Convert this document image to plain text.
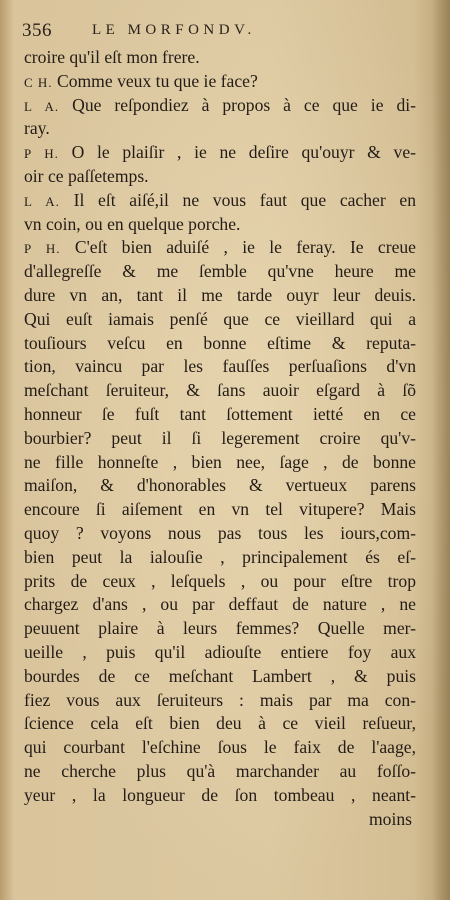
356	LE MORFONDV.
croire qu'il eſt mon frere.
C H. Comme veux tu que ie face?
L A. Que reſpondiez à propos à ce que ie di-
ray.
P H. O le plaiſir , ie ne deſire qu'ouyr & ve-
oir ce paſſetemps.
L A. Il eſt aiſé,il ne vous faut que cacher en
vn coin, ou en quelque porche.
P H. C'eſt bien aduiſé , ie le feray. Ie creue
d'allegreſſe & me ſemble qu'vne heure me
dure vn an, tant il me tarde ouyr leur deuis.
Qui euſt iamais penſé que ce vieillard qui a
touſiours veſcu en bonne eſtime & reputa-
tion, vaincu par les fauſſes perſuaſions d'vn
meſchant ſeruiteur, & ſans auoir eſgard à ſõ
honneur ſe fuſt tant ſottement ietté en ce
bourbier? peut il ſi legerement croire qu'v-
ne fille honneſte , bien nee, ſage , de bonne
maiſon, & d'honorables & vertueux parens
encoure ſi aiſement en vn tel vitupere? Mais
quoy ? voyons nous pas tous les iours,com-
bien peut la ialouſie , principalement és eſ-
prits de ceux , leſquels , ou pour eſtre trop
chargez d'ans , ou par deffaut de nature , ne
peuuent plaire à leurs femmes? Quelle mer-
ueille , puis qu'il adiouſte entiere foy aux
bourdes de ce meſchant Lambert , & puis
fiez vous aux ſeruiteurs : mais par ma con-
ſcience cela eſt bien deu à ce vieil reſueur,
qui courbant l'eſchine ſous le faix de l'aage,
ne cherche plus qu'à marchander au foſſo-
yeur , la longueur de ſon tombeau , neant-
moins
